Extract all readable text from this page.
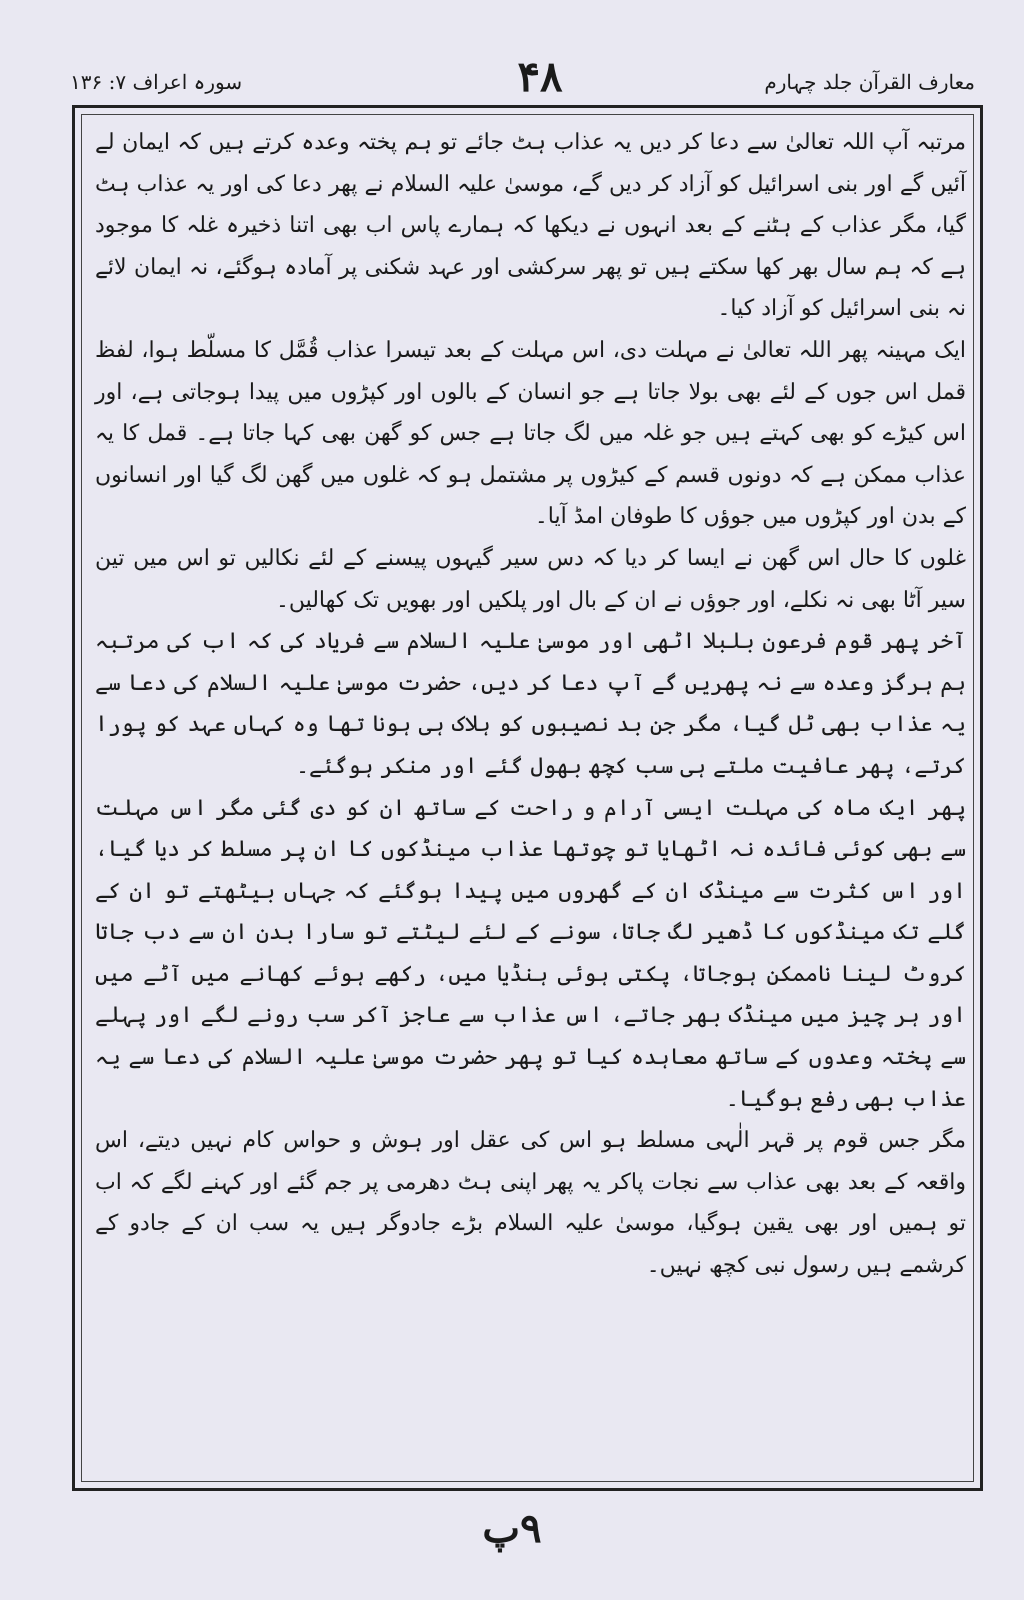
سورہ اعراف ۷: ۱۳۶	۴۸	معارف القرآن جلد چہارم

مرتبہ آپ اللہ تعالیٰ سے دعا کر دیں یہ عذاب ہٹ جائے تو ہم پختہ وعدہ کرتے ہیں کہ ایمان لے آئیں گے اور بنی اسرائیل کو آزاد کر دیں گے، موسیٰ علیہ السلام نے پھر دعا کی اور یہ عذاب ہٹ گیا، مگر عذاب کے ہٹنے کے بعد انہوں نے دیکھا کہ ہمارے پاس اب بھی اتنا ذخیرہ غلہ کا موجود ہے کہ ہم سال بھر کھا سکتے ہیں تو پھر سرکشی اور عہد شکنی پر آمادہ ہوگئے، نہ ایمان لائے نہ بنی اسرائیل کو آزاد کیا۔

ایک مہینہ پھر اللہ تعالیٰ نے مہلت دی، اس مہلت کے بعد تیسرا عذاب قُمَّل کا مسلّط ہوا، لفظ قمل اس جوں کے لئے بھی بولا جاتا ہے جو انسان کے بالوں اور کپڑوں میں پیدا ہوجاتی ہے، اور اس کیڑے کو بھی کہتے ہیں جو غلہ میں لگ جاتا ہے جس کو گھن بھی کہا جاتا ہے۔ قمل کا یہ عذاب ممکن ہے کہ دونوں قسم کے کیڑوں پر مشتمل ہو کہ غلوں میں گھن لگ گیا اور انسانوں کے بدن اور کپڑوں میں جوؤں کا طوفان امڈ آیا۔

غلوں کا حال اس گھن نے ایسا کر دیا کہ دس سیر گیہوں پیسنے کے لئے نکالیں تو اس میں تین سیر آٹا بھی نہ نکلے، اور جوؤں نے ان کے بال اور پلکیں اور بھویں تک کھالیں۔

آخر پھر قوم فرعون بلبلا اٹھی اور موسیٰ علیہ السلام سے فریاد کی کہ اب کی مرتبہ ہم ہرگز وعدہ سے نہ پھریں گے آپ دعا کر دیں، حضرت موسیٰ علیہ السلام کی دعا سے یہ عذاب بھی ٹل گیا، مگر جن بد نصیبوں کو ہلاک ہی ہونا تھا وہ کہاں عہد کو پورا کرتے، پھر عافیت ملتے ہی سب کچھ بھول گئے اور منکر ہوگئے۔

پھر ایک ماہ کی مہلت ایسی آرام و راحت کے ساتھ ان کو دی گئی مگر اس مہلت سے بھی کوئی فائدہ نہ اٹھایا تو چوتھا عذاب مینڈکوں کا ان پر مسلط کر دیا گیا، اور اس کثرت سے مینڈک ان کے گھروں میں پیدا ہوگئے کہ جہاں بیٹھتے تو ان کے گلے تک مینڈکوں کا ڈھیر لگ جاتا، سونے کے لئے لیٹتے تو سارا بدن ان سے دب جاتا کروٹ لینا ناممکن ہوجاتا، پکتی ہوئی ہنڈیا میں، رکھے ہوئے کھانے میں آٹے میں اور ہر چیز میں مینڈک بھر جاتے، اس عذاب سے عاجز آکر سب رونے لگے اور پہلے سے پختہ وعدوں کے ساتھ معاہدہ کیا تو پھر حضرت موسیٰ علیہ السلام کی دعا سے یہ عذاب بھی رفع ہوگیا۔

مگر جس قوم پر قہر الٰہی مسلط ہو اس کی عقل اور ہوش و حواس کام نہیں دیتے، اس واقعہ کے بعد بھی عذاب سے نجات پاکر یہ پھر اپنی ہٹ دھرمی پر جم گئے اور کہنے لگے کہ اب تو ہمیں اور بھی یقین ہوگیا، موسیٰ علیہ السلام بڑے جادوگر ہیں یہ سب ان کے جادو کے کرشمے ہیں رسول نبی کچھ نہیں۔

۹پ
